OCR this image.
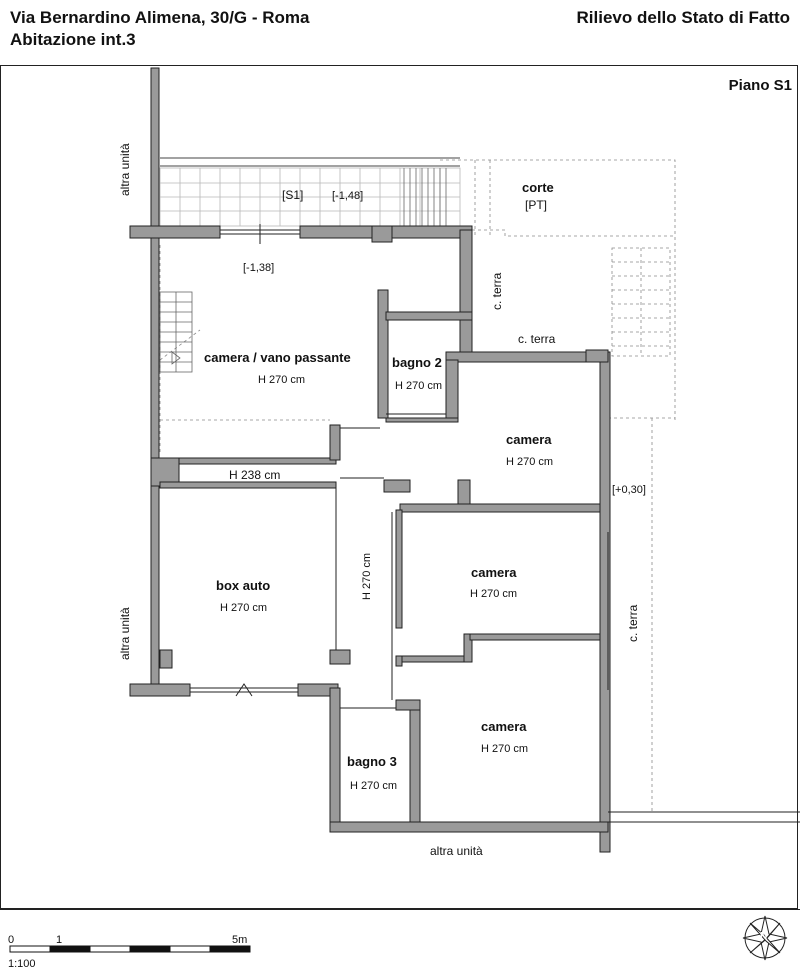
Via Bernardino Alimena, 30/G - Roma
Abitazione int.3
Rilievo dello Stato di Fatto
Piano S1
[S1]	[-1,48]
corte
[PT]
[-1,38]
[+0,30]
c. terra
c. terra
c. terra
camera / vano passante
H 270 cm
bagno 2
H 270 cm
camera
H 270 cm
H 238 cm
box auto
H 270 cm
H 270 cm	camera
H 270 cm
camera
H 270 cm
bagno 3
H 270 cm
altra unità
altra unità
altra unità
0	1	5m
1:100
N
